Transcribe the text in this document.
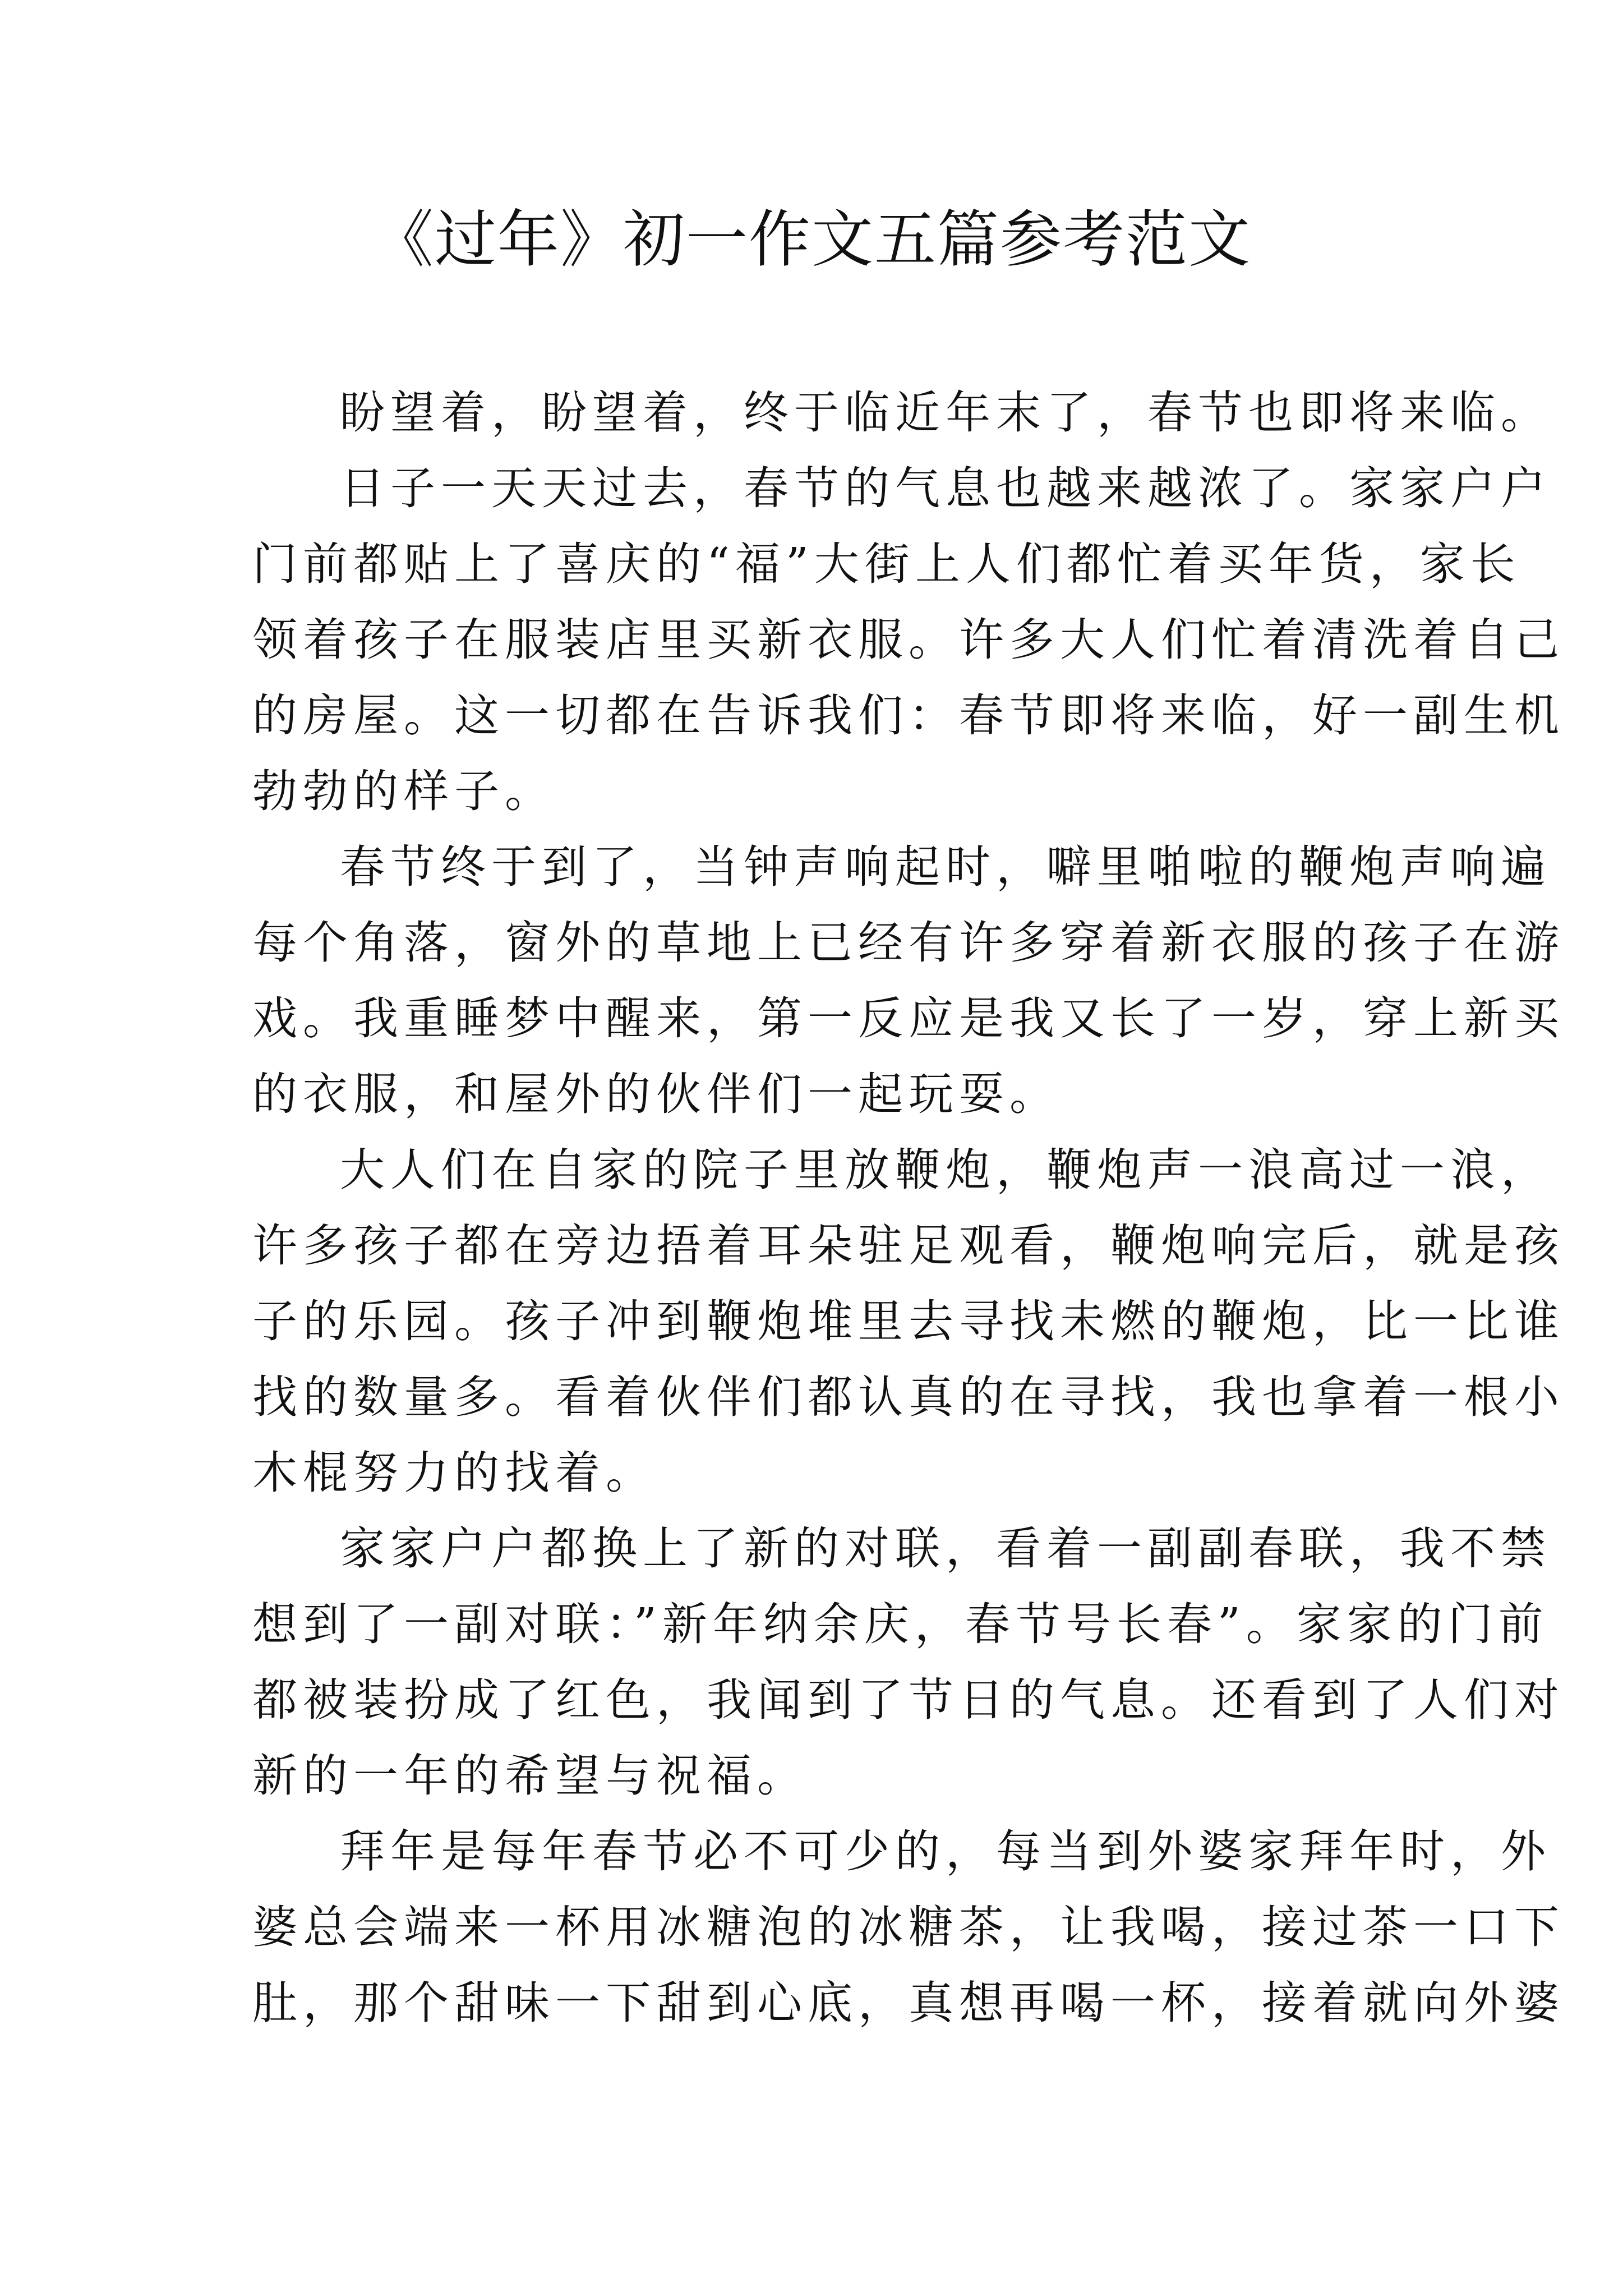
《过年》初一作文五篇参考范文
盼望着，盼望着，终于临近年末了，春节也即将来临。
日子一天天过去，春节的气息也越来越浓了。家家户户
门前都贴上了喜庆的“福”大街上人们都忙着买年货，家长
领着孩子在服装店里买新衣服。许多大人们忙着清洗着自己
的房屋。这一切都在告诉我们：春节即将来临，好一副生机
勃勃的样子。
春节终于到了，当钟声响起时，噼里啪啦的鞭炮声响遍
每个角落，窗外的草地上已经有许多穿着新衣服的孩子在游
戏。我重睡梦中醒来，第一反应是我又长了一岁，穿上新买
的衣服，和屋外的伙伴们一起玩耍。
大人们在自家的院子里放鞭炮，鞭炮声一浪高过一浪，
许多孩子都在旁边捂着耳朵驻足观看，鞭炮响完后，就是孩
子的乐园。孩子冲到鞭炮堆里去寻找未燃的鞭炮，比一比谁
找的数量多。看着伙伴们都认真的在寻找，我也拿着一根小
木棍努力的找着。
家家户户都换上了新的对联，看着一副副春联，我不禁
想到了一副对联：”新年纳余庆，春节号长春”。家家的门前
都被装扮成了红色，我闻到了节日的气息。还看到了人们对
新的一年的希望与祝福。
拜年是每年春节必不可少的，每当到外婆家拜年时，外
婆总会端来一杯用冰糖泡的冰糖茶，让我喝，接过茶一口下
肚，那个甜味一下甜到心底，真想再喝一杯，接着就向外婆
